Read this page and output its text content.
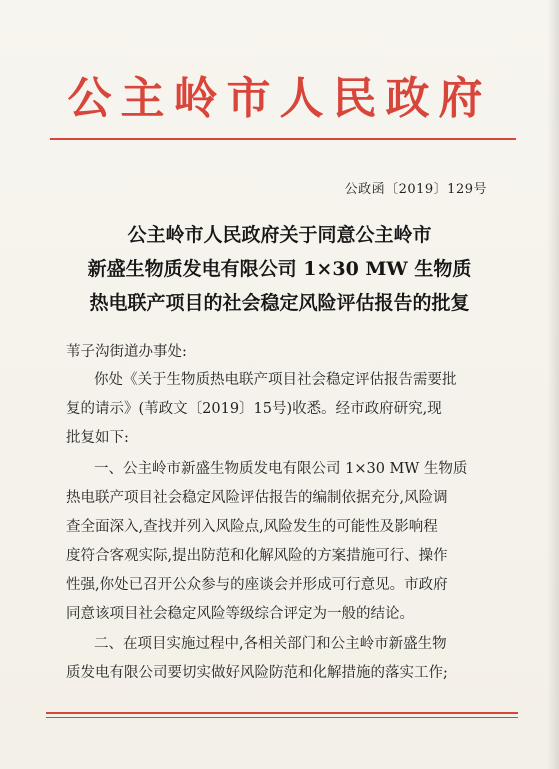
公主岭市人民政府
公政函〔2019〕129号
公主岭市人民政府关于同意公主岭市
新盛生物质发电有限公司 1×30 MW 生物质
热电联产项目的社会稳定风险评估报告的批复
苇子沟街道办事处:
你处《关于生物质热电联产项目社会稳定评估报告需要批
复的请示》(苇政文〔2019〕15号)收悉。经市政府研究,现
批复如下:
一、公主岭市新盛生物质发电有限公司 1×30 MW 生物质
热电联产项目社会稳定风险评估报告的编制依据充分,风险调
查全面深入,查找并列入风险点,风险发生的可能性及影响程
度符合客观实际,提出防范和化解风险的方案措施可行、操作
性强,你处已召开公众参与的座谈会并形成可行意见。市政府
同意该项目社会稳定风险等级综合评定为一般的结论。
二、在项目实施过程中,各相关部门和公主岭市新盛生物
质发电有限公司要切实做好风险防范和化解措施的落实工作;
